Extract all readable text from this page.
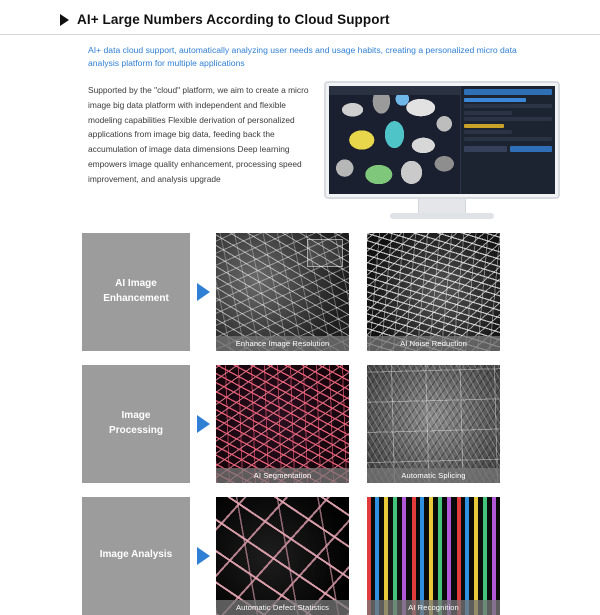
AI+ Large Numbers According to Cloud Support
AI+ data cloud support, automatically analyzing user needs and usage habits, creating a personalized micro data analysis platform for multiple applications
Supported by the "cloud" platform, we aim to create a micro image big data platform with independent and flexible modeling capabilities Flexible derivation of personalized applications from image big data, feeding back the accumulation of image data dimensions Deep learning empowers image quality enhancement, processing speed improvement, and analysis upgrade
AI Image
Enhancement
Enhance Image Resolution	AI Noise Reduction
Image
Processing
AI Segmentation	Automatic Splicing
Image Analysis
Automatic Defect Statistics	AI Recognition
